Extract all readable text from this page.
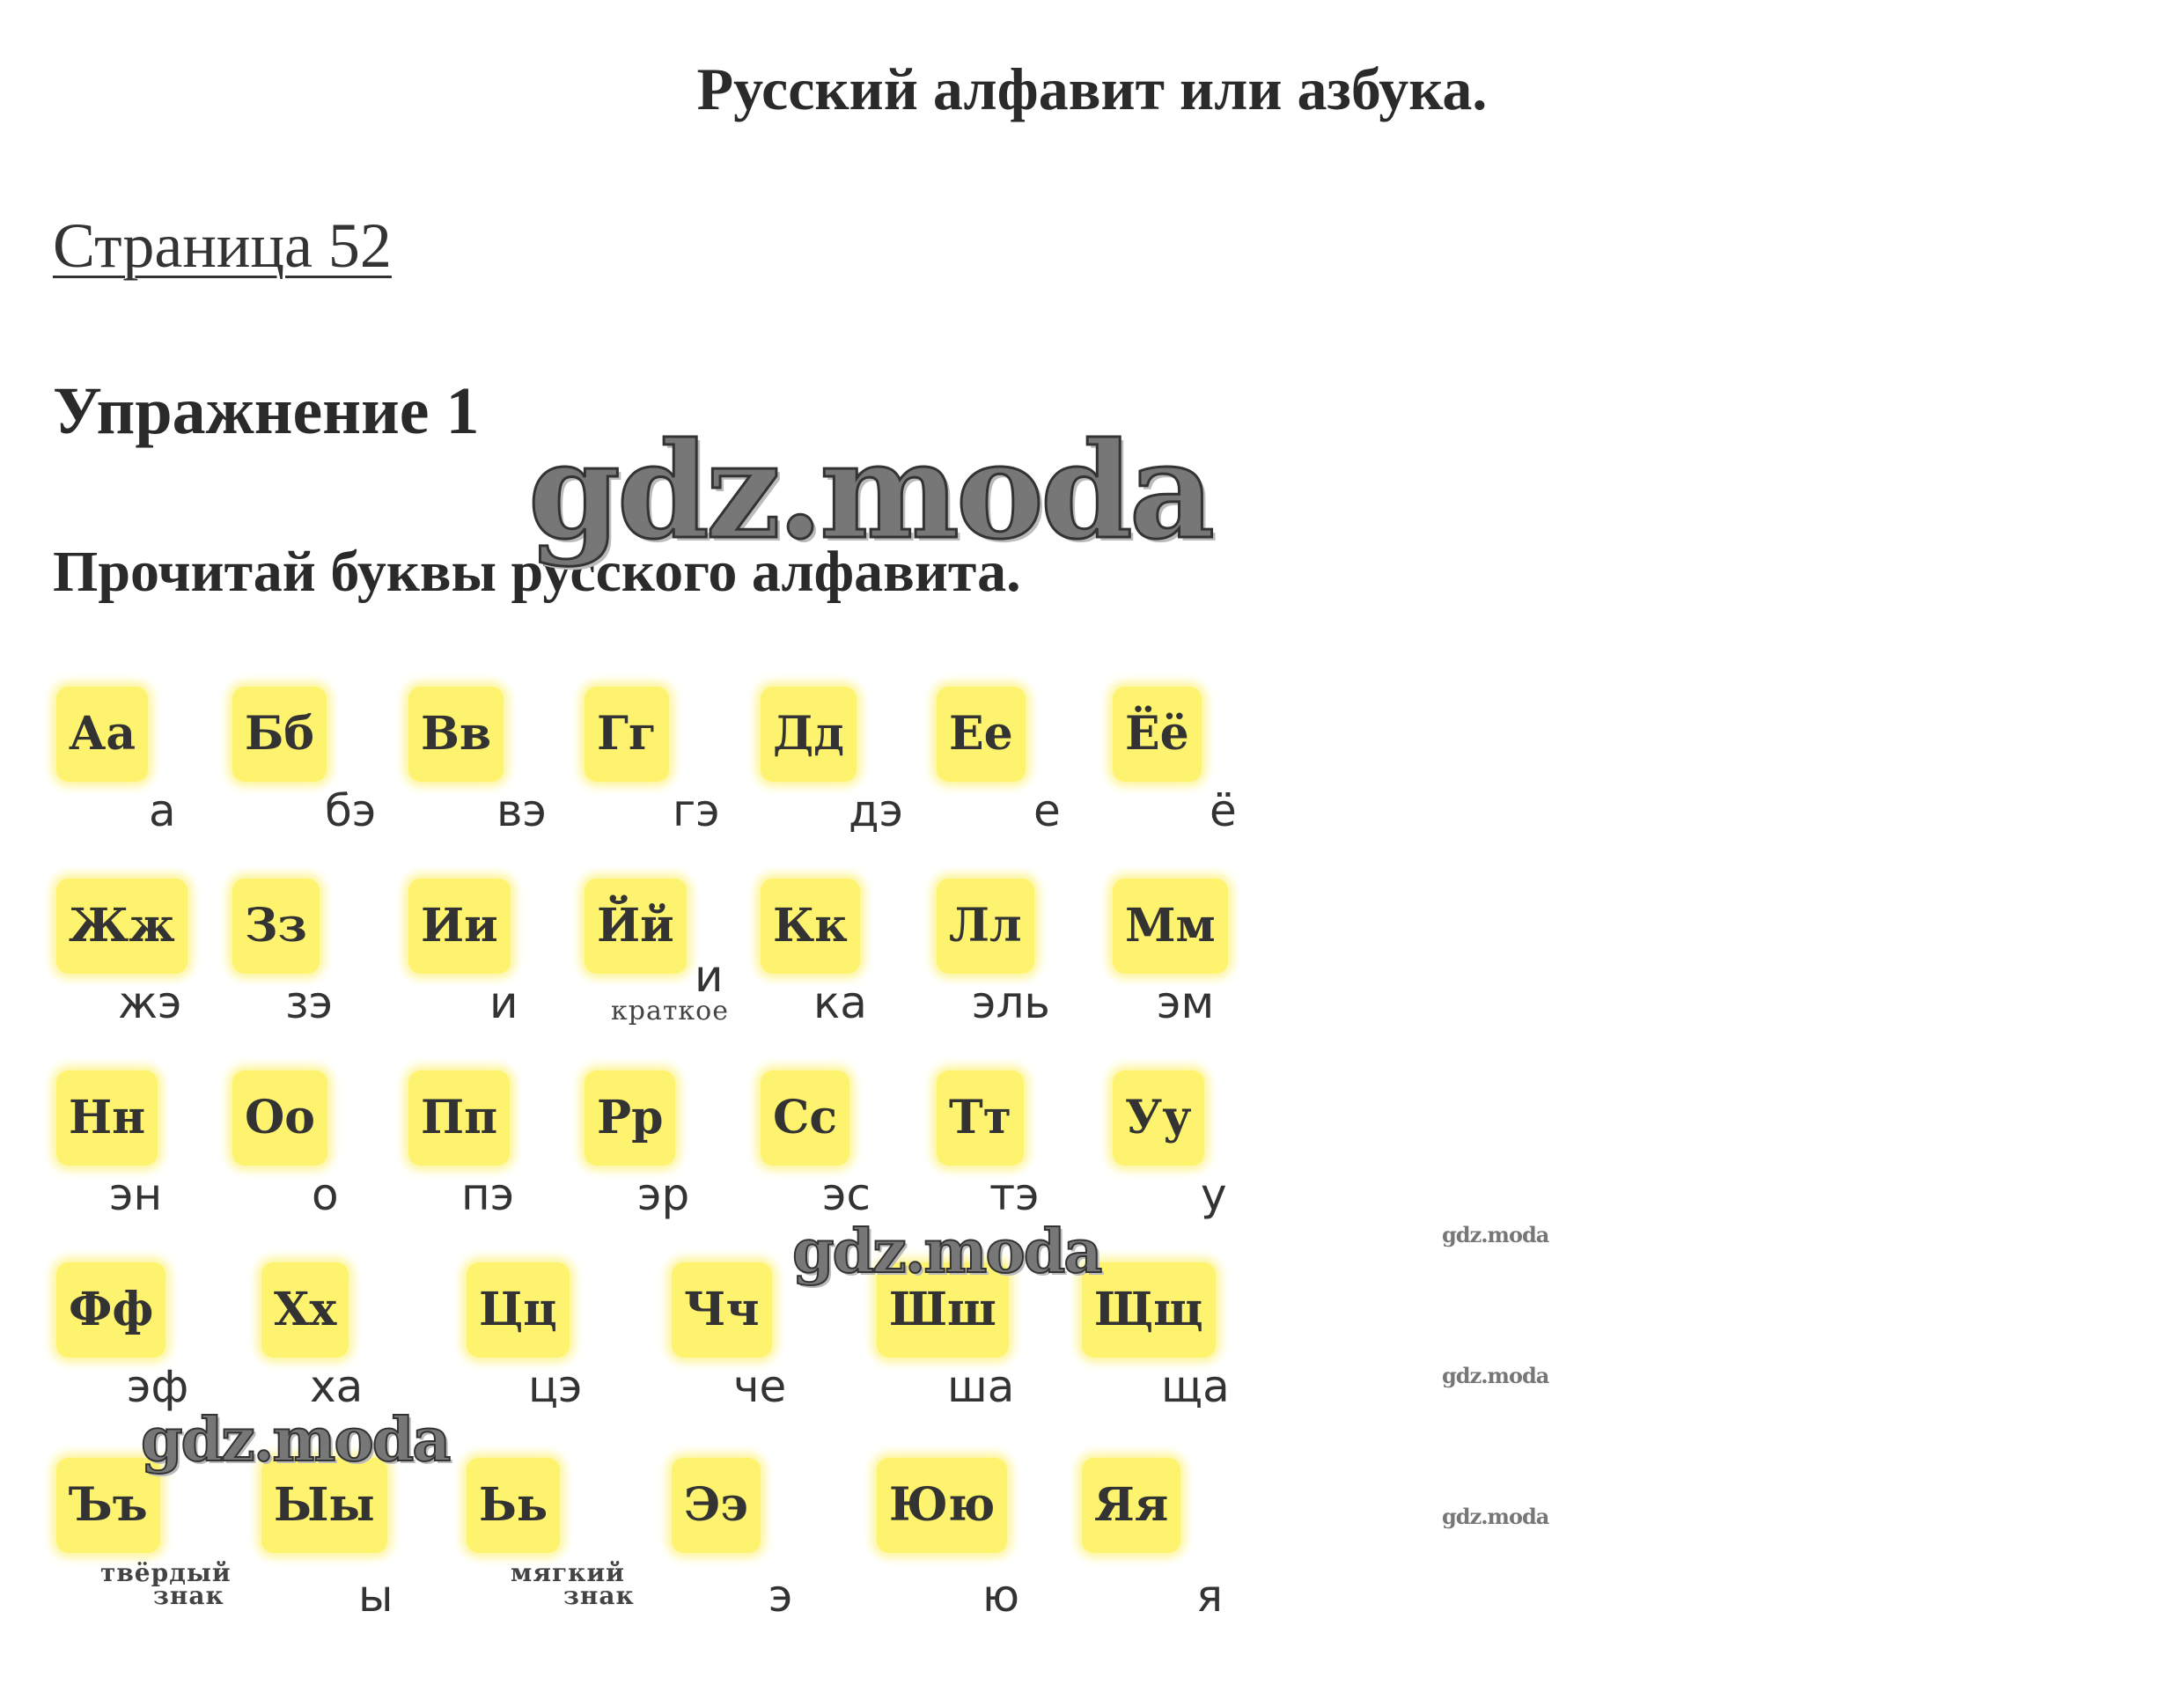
Русский алфавит или азбука.
Страница 52
Упражнение 1
Прочитай буквы русского алфавита.
Аа
а
Бб
бэ
Вв
вэ
Гг
гэ
Дд
дэ
Ее
е
Ёё
ё
Жж
жэ
Зз
зэ
Ии
и
Йй
и
краткое
Кк
ка
Лл
эль
Мм
эм
Нн
эн
Оо
о
Пп
пэ
Рр
эр
Сс
эс
Тт
тэ
Уу
у
Фф
эф
Хх
ха
Цц
цэ
Чч
че
Шш
ша
Щщ
ща
Ъъ
твёрдый
знак
Ыы
ы
Ьь
мягкий
знак
Ээ
э
Юю
ю
Яя
я
gdz.moda
gdz.moda
gdz.moda
gdz.moda
gdz.moda
gdz.moda
